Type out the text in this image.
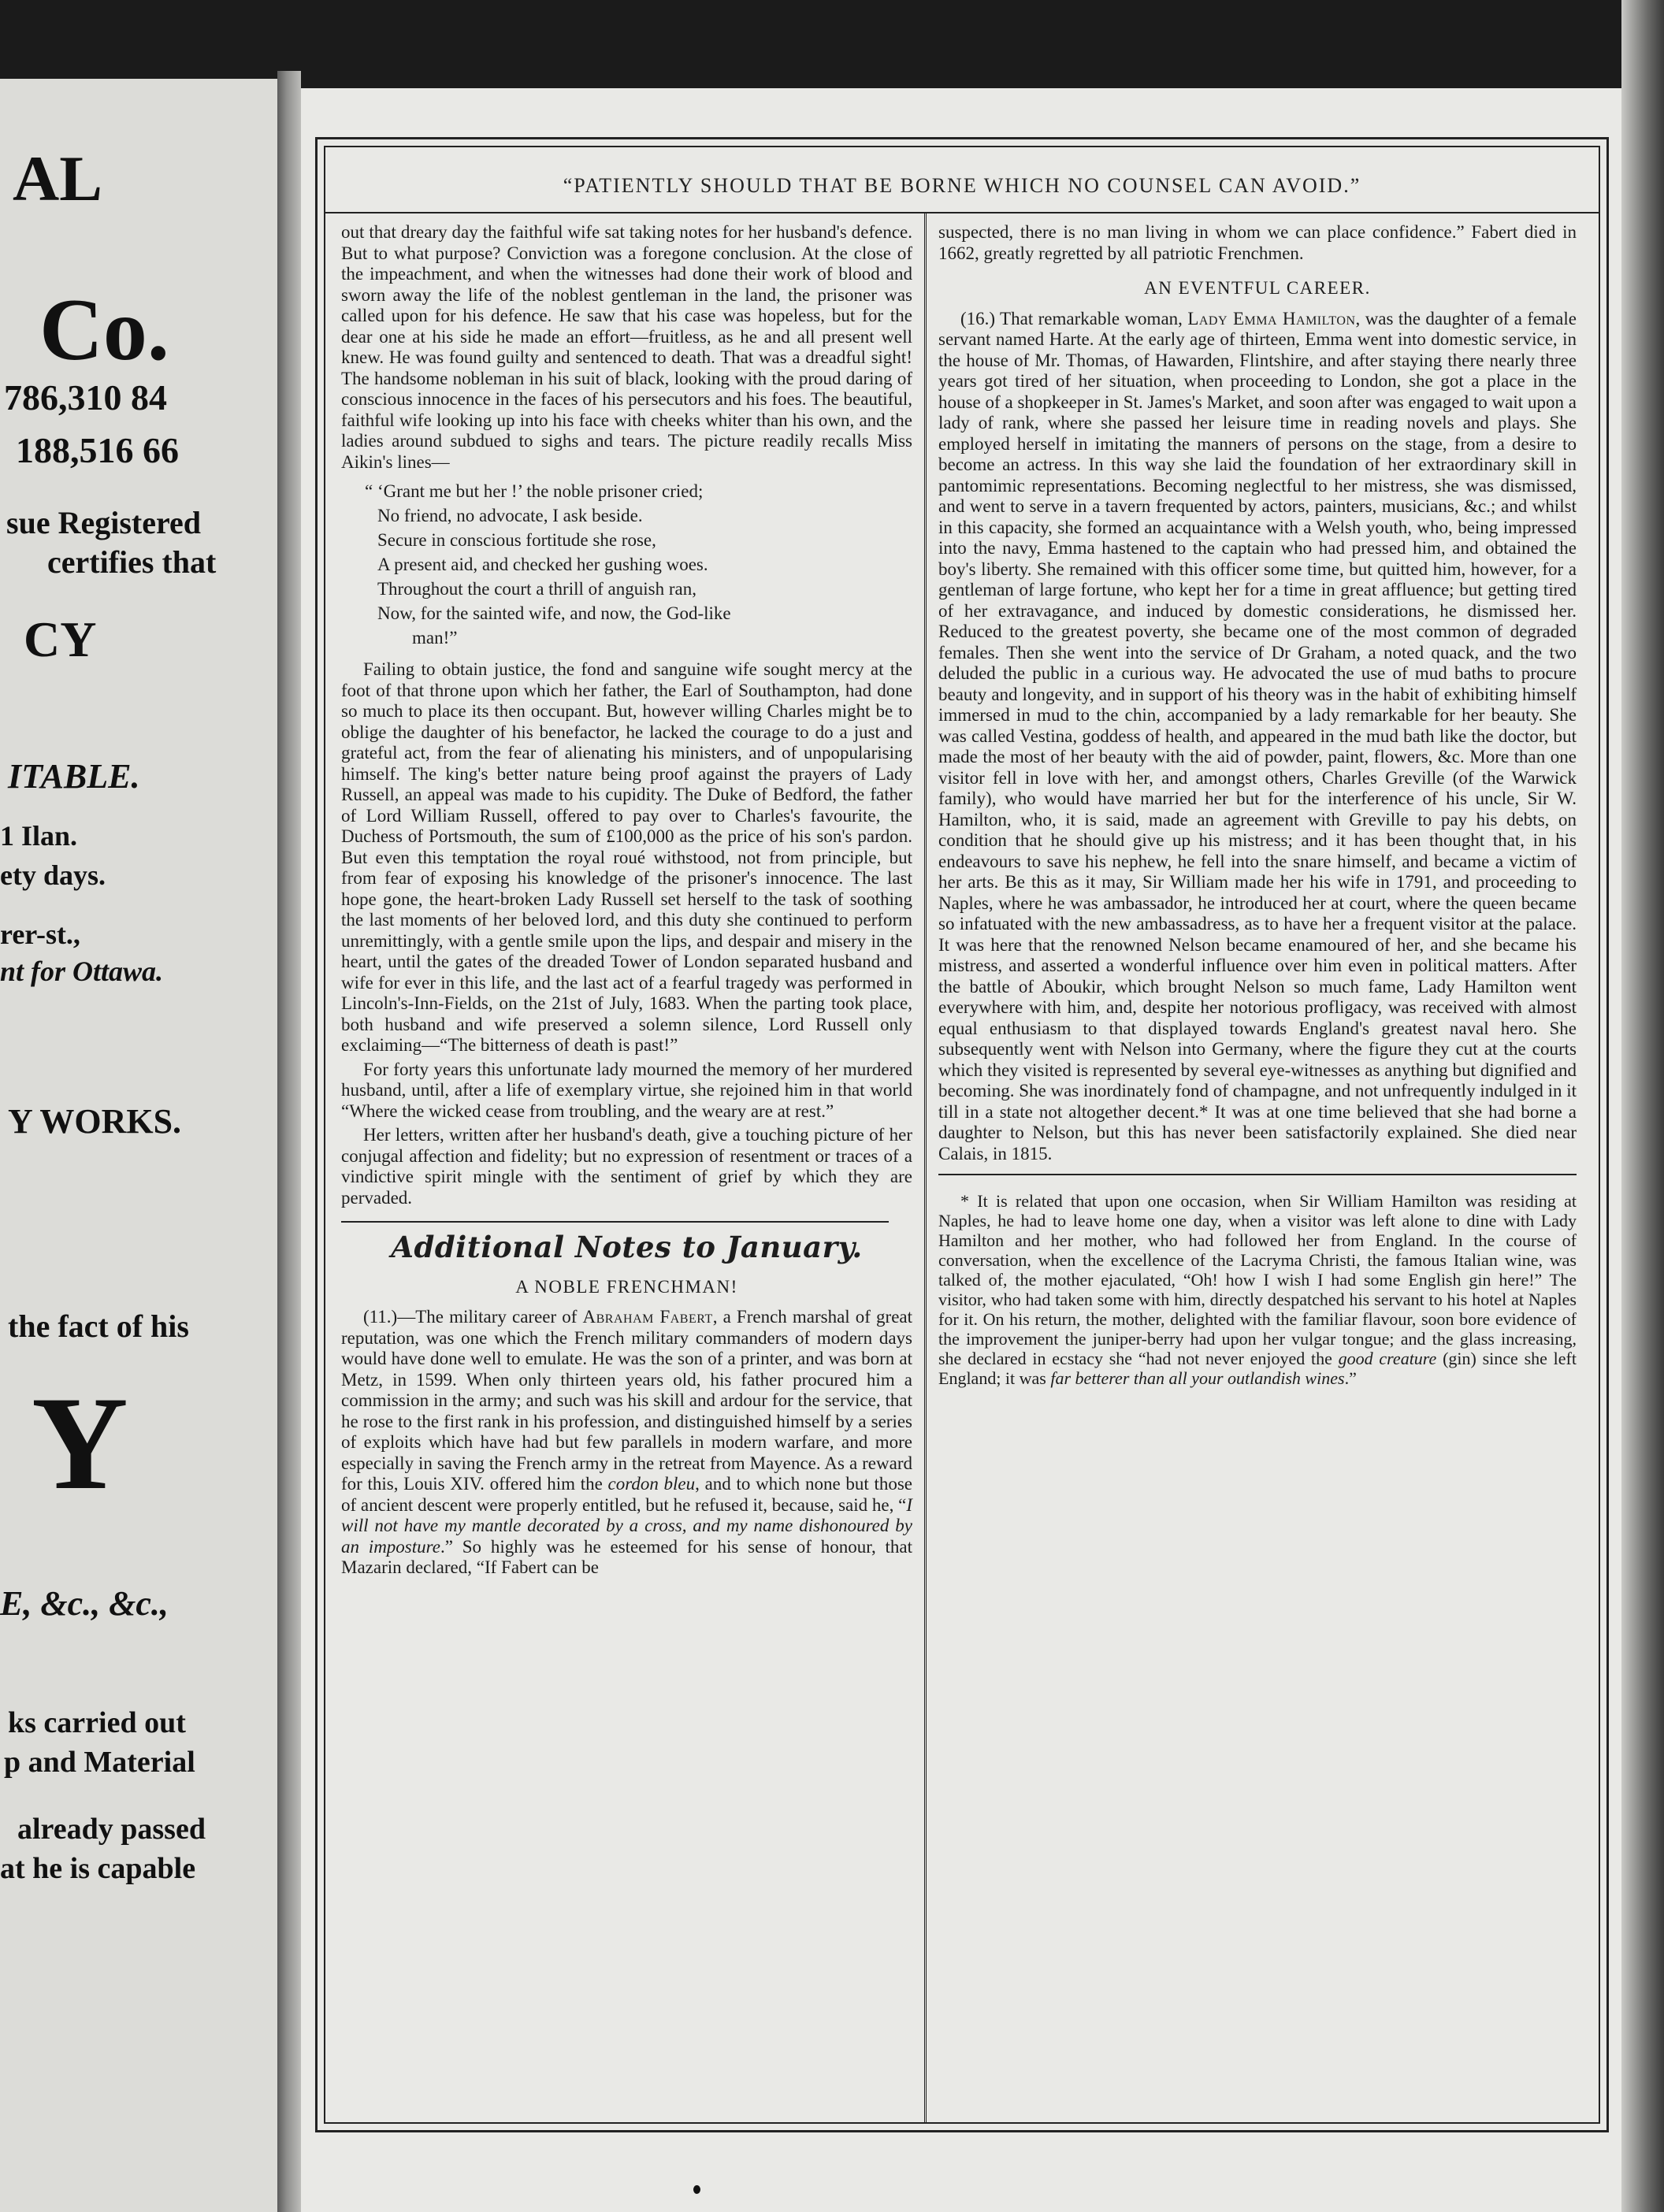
AL
Co.
786,310 84
188,516 66
sue Registered
certifies that
CY
ITABLE.
1 Ilan.
ety days.
rer-st.,
nt for Ottawa.
Y WORKS.
the fact of his
Y
E, &c., &c.,
ks carried out
p and Material
already passed
at he is capable
“PATIENTLY SHOULD THAT BE BORNE WHICH NO COUNSEL CAN AVOID.”

out that dreary day the faithful wife sat taking notes for her husband's defence. But to what purpose? Conviction was a foregone conclusion. At the close of the impeachment, and when the witnesses had done their work of blood and sworn away the life of the noblest gentleman in the land, the prisoner was called upon for his defence. He saw that his case was hopeless, but for the dear one at his side he made an effort—fruitless, as he and all present well knew. He was found guilty and sentenced to death. That was a dreadful sight! The handsome nobleman in his suit of black, looking with the proud daring of conscious innocence in the faces of his persecutors and his foes. The beautiful, faithful wife looking up into his face with cheeks whiter than his own, and the ladies around subdued to sighs and tears. The picture readily recalls Miss Aikin's lines—

“ ‘Grant me but her !’ the noble prisoner cried;
No friend, no advocate, I ask beside.
Secure in conscious fortitude she rose,
A present aid, and checked her gushing woes.
Throughout the court a thrill of anguish ran,
Now, for the sainted wife, and now, the God-like
man!”

Failing to obtain justice, the fond and sanguine wife sought mercy at the foot of that throne upon which her father, the Earl of Southampton, had done so much to place its then occupant. But, however willing Charles might be to oblige the daughter of his benefactor, he lacked the courage to do a just and grateful act, from the fear of alienating his ministers, and of unpopularising himself. The king's better nature being proof against the prayers of Lady Russell, an appeal was made to his cupidity. The Duke of Bedford, the father of Lord William Russell, offered to pay over to Charles's favourite, the Duchess of Portsmouth, the sum of £100,000 as the price of his son's pardon. But even this temptation the royal roué withstood, not from principle, but from fear of exposing his knowledge of the prisoner's innocence. The last hope gone, the heart-broken Lady Russell set herself to the task of soothing the last moments of her beloved lord, and this duty she continued to perform unremittingly, with a gentle smile upon the lips, and despair and misery in the heart, until the gates of the dreaded Tower of London separated husband and wife for ever in this life, and the last act of a fearful tragedy was performed in Lincoln's-Inn-Fields, on the 21st of July, 1683. When the parting took place, both husband and wife preserved a solemn silence, Lord Russell only exclaiming—“The bitterness of death is past!”

For forty years this unfortunate lady mourned the memory of her murdered husband, until, after a life of exemplary virtue, she rejoined him in that world “Where the wicked cease from troubling, and the weary are at rest.”

Her letters, written after her husband's death, give a touching picture of her conjugal affection and fidelity; but no expression of resentment or traces of a vindictive spirit mingle with the sentiment of grief by which they are pervaded.

Additional Notes to January.
A NOBLE FRENCHMAN!

(11.)—The military career of Abraham Fabert, a French marshal of great reputation, was one which the French military commanders of modern days would have done well to emulate. He was the son of a printer, and was born at Metz, in 1599. When only thirteen years old, his father procured him a commission in the army; and such was his skill and ardour for the service, that he rose to the first rank in his profession, and distinguished himself by a series of exploits which have had but few parallels in modern warfare, and more especially in saving the French army in the retreat from Mayence. As a reward for this, Louis XIV. offered him the cordon bleu, and to which none but those of ancient descent were properly entitled, but he refused it, because, said he, “I will not have my mantle decorated by a cross, and my name dishonoured by an imposture.” So highly was he esteemed for his sense of honour, that Mazarin declared, “If Fabert can be

suspected, there is no man living in whom we can place confidence.” Fabert died in 1662, greatly regretted by all patriotic Frenchmen.

AN EVENTFUL CAREER.

(16.) That remarkable woman, Lady Emma Hamilton, was the daughter of a female servant named Harte. At the early age of thirteen, Emma went into domestic service, in the house of Mr. Thomas, of Hawarden, Flintshire, and after staying there nearly three years got tired of her situation, when proceeding to London, she got a place in the house of a shopkeeper in St. James's Market, and soon after was engaged to wait upon a lady of rank, where she passed her leisure time in reading novels and plays. She employed herself in imitating the manners of persons on the stage, from a desire to become an actress. In this way she laid the foundation of her extraordinary skill in pantomimic representations. Becoming neglectful to her mistress, she was dismissed, and went to serve in a tavern frequented by actors, painters, musicians, &c.; and whilst in this capacity, she formed an acquaintance with a Welsh youth, who, being impressed into the navy, Emma hastened to the captain who had pressed him, and obtained the boy's liberty. She remained with this officer some time, but quitted him, however, for a gentleman of large fortune, who kept her for a time in great affluence; but getting tired of her extravagance, and induced by domestic considerations, he dismissed her. Reduced to the greatest poverty, she became one of the most common of degraded females. Then she went into the service of Dr Graham, a noted quack, and the two deluded the public in a curious way. He advocated the use of mud baths to procure beauty and longevity, and in support of his theory was in the habit of exhibiting himself immersed in mud to the chin, accompanied by a lady remarkable for her beauty. She was called Vestina, goddess of health, and appeared in the mud bath like the doctor, but made the most of her beauty with the aid of powder, paint, flowers, &c. More than one visitor fell in love with her, and amongst others, Charles Greville (of the Warwick family), who would have married her but for the interference of his uncle, Sir W. Hamilton, who, it is said, made an agreement with Greville to pay his debts, on condition that he should give up his mistress; and it has been thought that, in his endeavours to save his nephew, he fell into the snare himself, and became a victim of her arts. Be this as it may, Sir William made her his wife in 1791, and proceeding to Naples, where he was ambassador, he introduced her at court, where the queen became so infatuated with the new ambassadress, as to have her a frequent visitor at the palace. It was here that the renowned Nelson became enamoured of her, and she became his mistress, and asserted a wonderful influence over him even in political matters. After the battle of Aboukir, which brought Nelson so much fame, Lady Hamilton went everywhere with him, and, despite her notorious profligacy, was received with almost equal enthusiasm to that displayed towards England's greatest naval hero. She subsequently went with Nelson into Germany, where the figure they cut at the courts which they visited is represented by several eye-witnesses as anything but dignified and becoming. She was inordinately fond of champagne, and not unfrequently indulged in it till in a state not altogether decent.* It was at one time believed that she had borne a daughter to Nelson, but this has never been satisfactorily explained. She died near Calais, in 1815.

* It is related that upon one occasion, when Sir William Hamilton was residing at Naples, he had to leave home one day, when a visitor was left alone to dine with Lady Hamilton and her mother, who had followed her from England. In the course of conversation, when the excellence of the Lacryma Christi, the famous Italian wine, was talked of, the mother ejaculated, “Oh! how I wish I had some English gin here!” The visitor, who had taken some with him, directly despatched his servant to his hotel at Naples for it. On his return, the mother, delighted with the familiar flavour, soon bore evidence of the improvement the juniper-berry had upon her vulgar tongue; and the glass increasing, she declared in ecstacy she “had not never enjoyed the good creature (gin) since she left England; it was far betterer than all your outlandish wines.”
